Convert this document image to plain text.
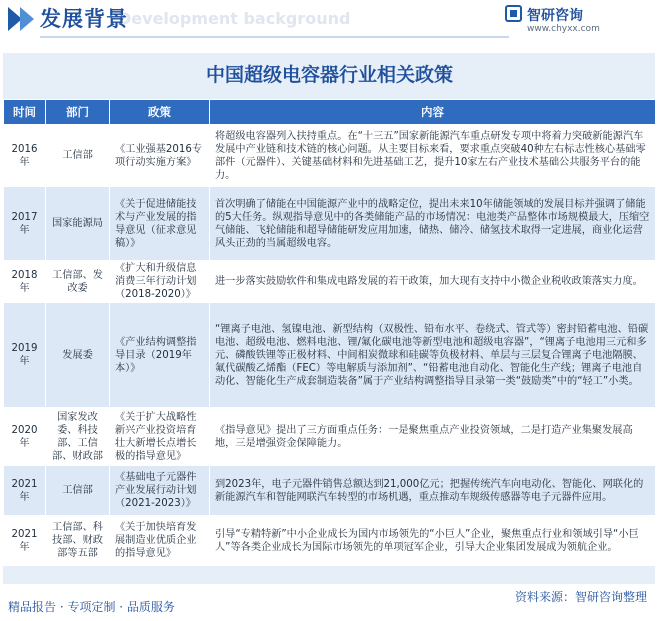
Development background
发展背景	智研咨询
www.chyxx.com
中国超级电容器行业相关政策
时间	部门	政策	内容
2016年	工信部	《工业强基2016专项行动实施方案》	将超级电容器列入扶持重点。在“十三五”国家新能源汽车重点研发专项中将着力突破新能源汽车发展中产业链和技术链的核心问题。从主要目标来看，要求重点突破40种左右标志性核心基础零部件（元器件）、关键基础材料和先进基础工艺，提升10家左右产业技术基础公共服务平台的能力。
2017年	国家能源局	《关于促进储能技术与产业发展的指导意见（征求意见稿）》	首次明确了储能在中国能源产业中的战略定位，提出未来10年储能领域的发展目标并强调了储能的5大任务。纵观指导意见中的各类储能产品的市场情况：电池类产品整体市场规模最大，压缩空气储能、飞轮储能和超导储能研发应用加速，储热、储冷、储氢技术取得一定进展，商业化运营风头正劲的当属超级电容。
2018年	工信部、发改委	《扩大和升级信息消费三年行动计划（2018-2020）》	进一步落实鼓励软件和集成电路发展的若干政策，加大现有支持中小微企业税收政策落实力度。
2019年	发展委	《产业结构调整指导目录（2019年本）》	“锂离子电池、氢镍电池、新型结构（双极性、铅布水平、卷绕式、管式等）密封铅蓄电池、铅碳电池、超级电池、燃料电池、锂/氟化碳电池等新型电池和超级电容器”，“锂离子电池用三元和多元、磷酸铁锂等正极材料、中间相炭微球和硅碳等负极材料、单层与三层复合锂离子电池隔膜、氟代碳酸乙烯酯（FEC）等电解质与添加剂”、“铅蓄电池自动化、智能化生产线；锂离子电池自动化、智能化生产成套制造装备”属于产业结构调整指导目录第一类“鼓励类”中的“轻工”小类。
2020年	国家发改委、科技部、工信部、财政部	《关于扩大战略性新兴产业投资培育壮大新增长点增长极的指导意见》	《指导意见》提出了三方面重点任务：一是聚焦重点产业投资领域，二是打造产业集聚发展高地，三是增强资金保障能力。
2021年	工信部	《基础电子元器件产业发展行动计划（2021-2023）》	到2023年，电子元器件销售总额达到21,000亿元；把握传统汽车向电动化、智能化、网联化的新能源汽车和智能网联汽车转型的市场机遇，重点推动车规级传感器等电子元器件应用。
2021年	工信部、科技部、财政部等五部	《关于加快培育发展制造业优质企业的指导意见》	引导“专精特新”中小企业成长为国内市场领先的“小巨人”企业，聚焦重点行业和领域引导“小巨人”等各类企业成长为国际市场领先的单项冠军企业，引导大企业集团发展成为领航企业。
精品报告 · 专项定制 · 品质服务
资料来源：智研咨询整理
